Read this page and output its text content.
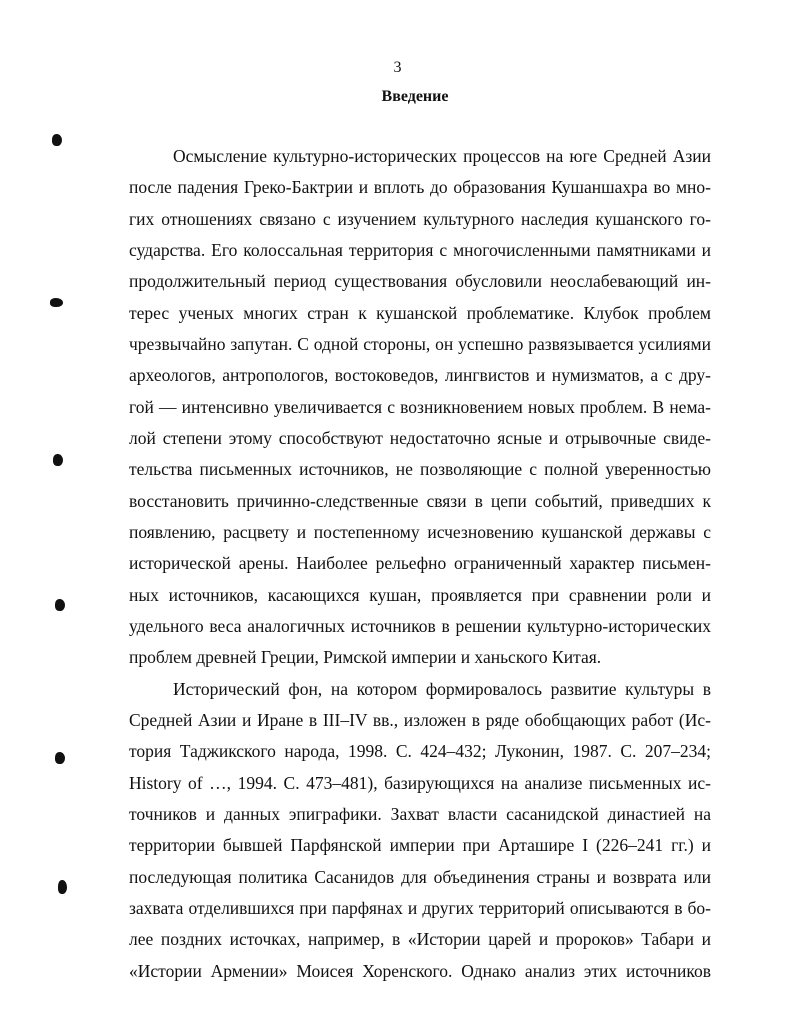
3
Введение
Осмысление культурно-исторических процессов на юге Средней Азии
после падения Греко-Бактрии и вплоть до образования Кушаншахра во мно-
гих отношениях связано с изучением культурного наследия кушанского го-
сударства. Его колоссальная территория с многочисленными памятниками и
продолжительный период существования обусловили неослабевающий ин-
терес ученых многих стран к кушанской проблематике. Клубок проблем
чрезвычайно запутан. С одной стороны, он успешно развязывается усилиями
археологов, антропологов, востоковедов, лингвистов и нумизматов, а с дру-
гой — интенсивно увеличивается с возникновением новых проблем. В нема-
лой степени этому способствуют недостаточно ясные и отрывочные свиде-
тельства письменных источников, не позволяющие с полной уверенностью
восстановить причинно-следственные связи в цепи событий, приведших к
появлению, расцвету и постепенному исчезновению кушанской державы с
исторической арены. Наиболее рельефно ограниченный характер письмен-
ных источников, касающихся кушан, проявляется при сравнении роли и
удельного веса аналогичных источников в решении культурно-исторических
проблем древней Греции, Римской империи и ханьского Китая.
Исторический фон, на котором формировалось развитие культуры в
Средней Азии и Иране в III–IV вв., изложен в ряде обобщающих работ (Ис-
тория Таджикского народа, 1998. С. 424–432; Луконин, 1987. С. 207–234;
History of …, 1994. С. 473–481), базирующихся на анализе письменных ис-
точников и данных эпиграфики. Захват власти сасанидской династией на
территории бывшей Парфянской империи при Арташире I (226–241 гг.) и
последующая политика Сасанидов для объединения страны и возврата или
захвата отделившихся при парфянах и других территорий описываются в бо-
лее поздних источках, например, в «Истории царей и пророков» Табари и
«Истории Армении» Моисея Хоренского. Однако анализ этих источников
